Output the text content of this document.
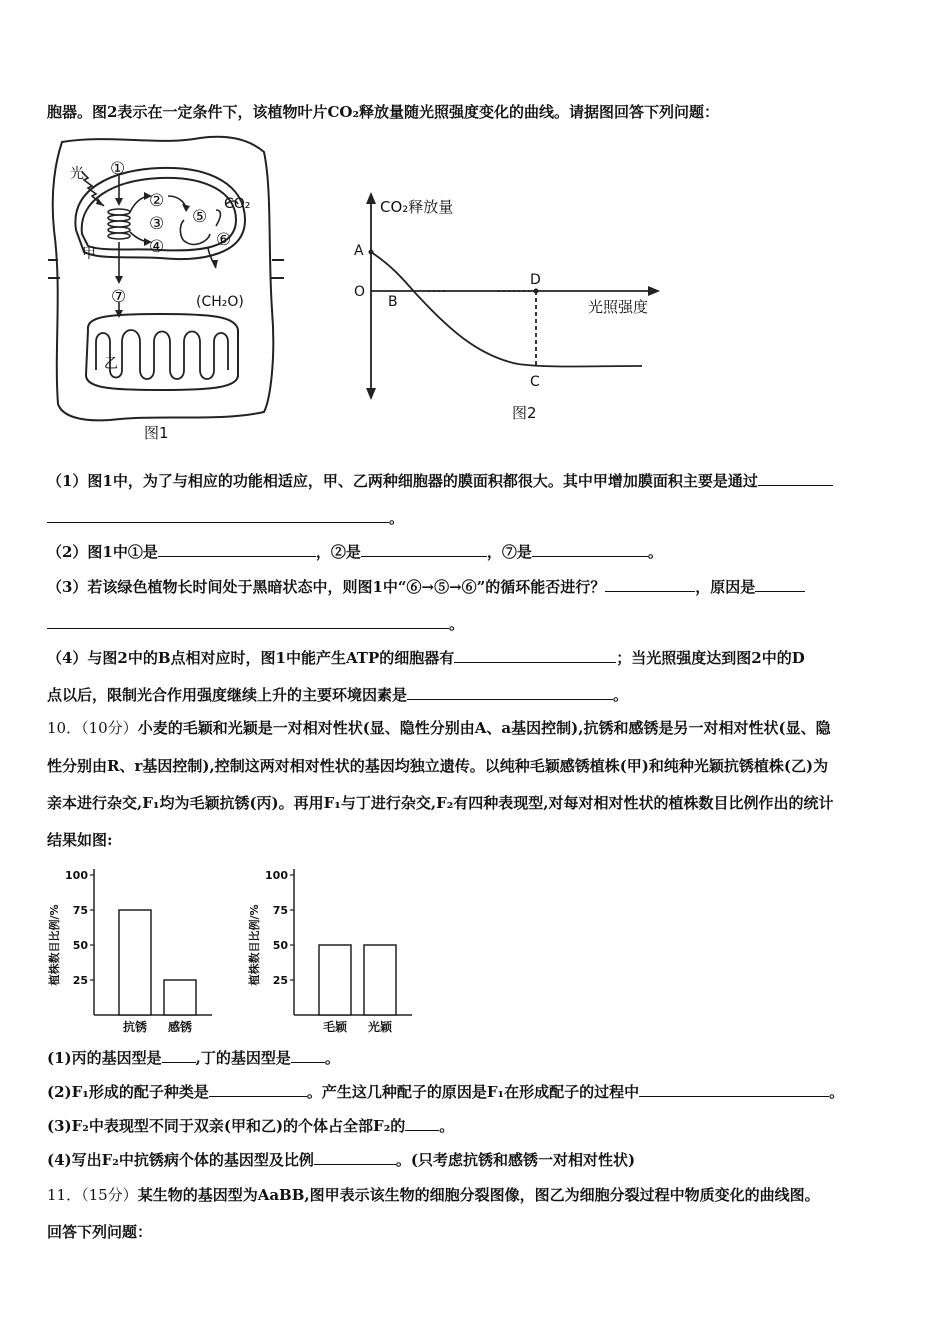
胞器。图2表示在一定条件下，该植物叶片CO₂释放量随光照强度变化的曲线。请据图回答下列问题：
光
甲
乙
CO₂
(CH₂O)
①
②
③
④
⑤
⑥
⑦
图1
CO₂释放量
光照强度
A
O
B
D
C
图2
（1）图1中，为了与相应的功能相适应，甲、乙两种细胞器的膜面积都很大。其中甲增加膜面积主要是通过
。
（2）图1中①是	，②是	，⑦是	。
（3）若该绿色植物长时间处于黑暗状态中，则图1中“⑥→⑤→⑥”的循环能否进行？	，原因是
。
（4）与图2中的B点相对应时，图1中能产生ATP的细胞器有	；当光照强度达到图2中的D
点以后，限制光合作用强度继续上升的主要环境因素是	。
10．（10分）小麦的毛颖和光颖是一对相对性状(显、隐性分别由A、a基因控制),抗锈和感锈是另一对相对性状(显、隐
性分别由R、r基因控制),控制这两对相对性状的基因均独立遗传。以纯种毛颖感锈植株(甲)和纯种光颖抗锈植株(乙)为
亲本进行杂交,F₁均为毛颖抗锈(丙)。再用F₁与丁进行杂交,F₂有四种表现型,对每对相对性状的植株数目比例作出的统计
结果如图:
植株数目比例/% 25
50
75
100
抗锈 感锈
植株数目比例/% 25
50
75
100
毛颖 光颖
(1)丙的基因型是 ,丁的基因型是 。
(2)F₁形成的配子种类是	。产生这几种配子的原因是F₁在形成配子的过程中	。
(3)F₂中表现型不同于双亲(甲和乙)的个体占全部F₂的 。
(4)写出F₂中抗锈病个体的基因型及比例	。(只考虑抗锈和感锈一对相对性状)
11．（15分）某生物的基因型为AaBB,图甲表示该生物的细胞分裂图像，图乙为细胞分裂过程中物质变化的曲线图。
回答下列问题：
